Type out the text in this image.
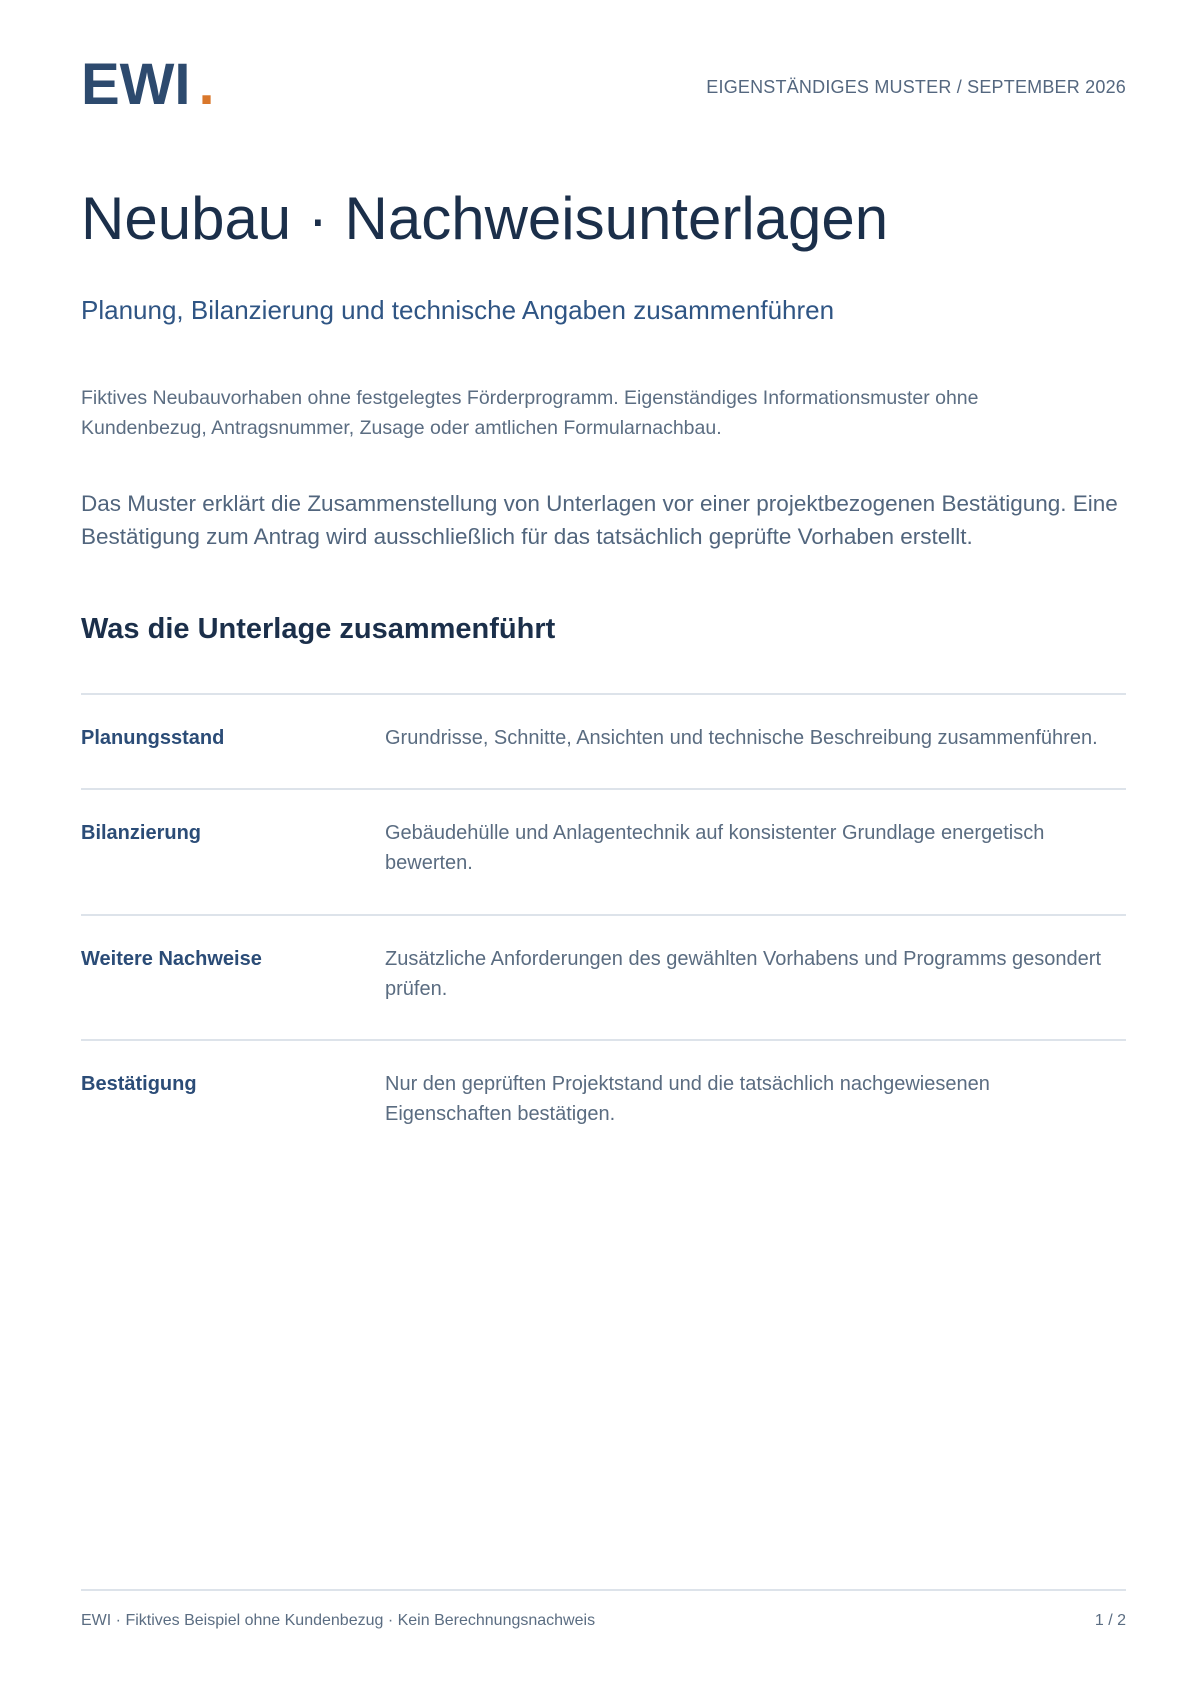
EWI .	EIGENSTÄNDIGES MUSTER / SEPTEMBER 2026
Neubau · Nachweisunterlagen
Planung, Bilanzierung und technische Angaben zusammenführen

Fiktives Neubauvorhaben ohne festgelegtes Förderprogramm. Eigenständiges Informationsmuster ohne Kundenbezug, Antragsnummer, Zusage oder amtlichen Formularnachbau.

Das Muster erklärt die Zusammenstellung von Unterlagen vor einer projektbezogenen Bestätigung. Eine Bestätigung zum Antrag wird ausschließlich für das tatsächlich geprüfte Vorhaben erstellt.

Was die Unterlage zusammenführt
Planungsstand	Grundrisse, Schnitte, Ansichten und technische Beschreibung zusammenführen.
Bilanzierung	Gebäudehülle und Anlagentechnik auf konsistenter Grundlage energetisch bewerten.
Weitere Nachweise	Zusätzliche Anforderungen des gewählten Vorhabens und Programms gesondert prüfen.
Bestätigung	Nur den geprüften Projektstand und die tatsächlich nachgewiesenen Eigenschaften bestätigen.
EWI · Fiktives Beispiel ohne Kundenbezug · Kein Berechnungsnachweis	1 / 2
